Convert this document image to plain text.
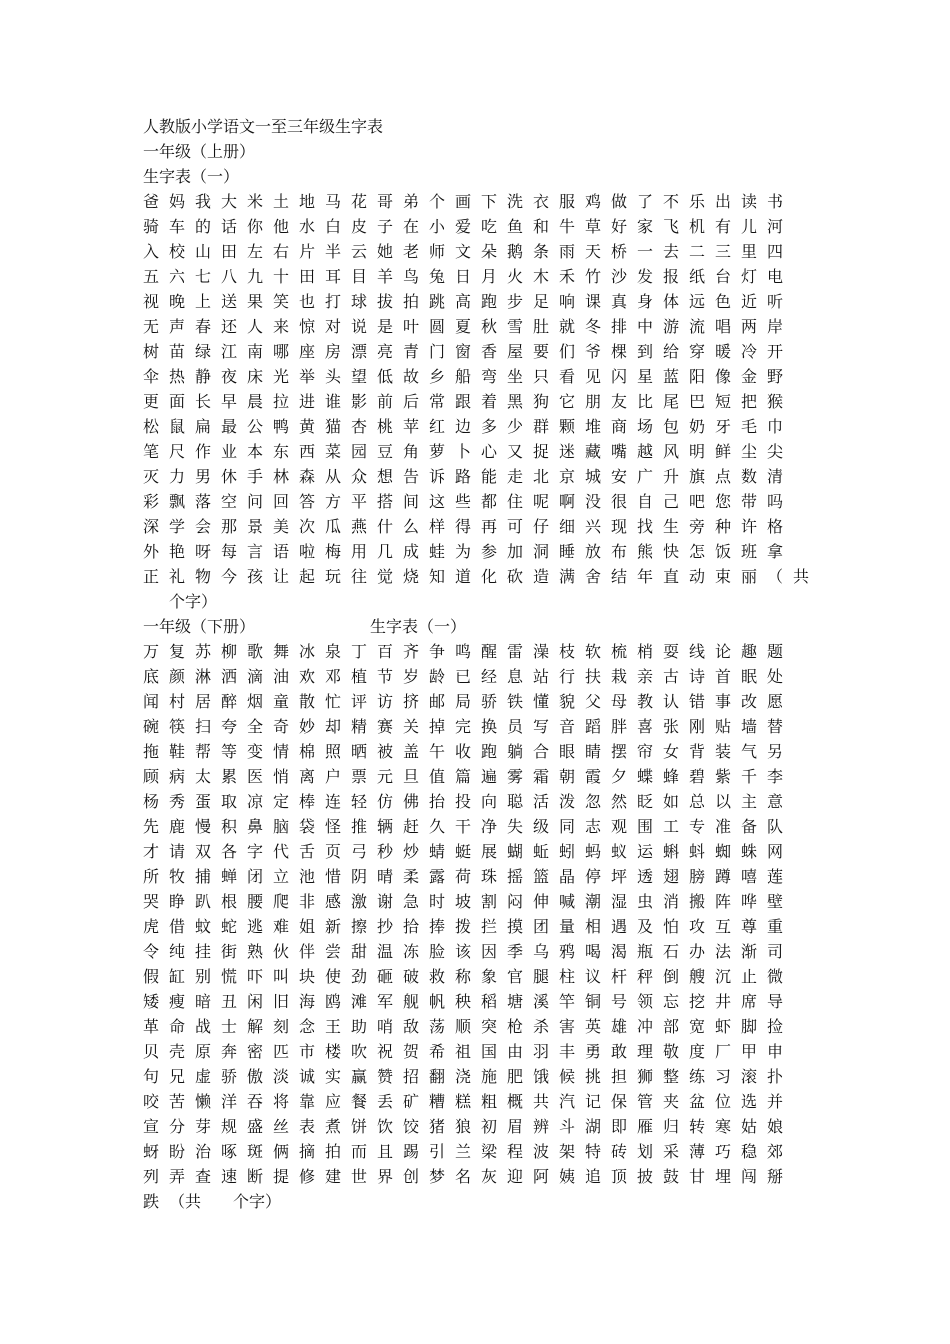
人教版小学语文一至三年级生字表
一年级（上册）
生字表（一）
爸 妈 我 大 米 土 地 马 花 哥 弟 个 画 下 洗 衣 服 鸡 做 了 不 乐 出 读 书
骑 车 的 话 你 他 水 白 皮 子 在 小 爱 吃 鱼 和 牛 草 好 家 飞 机 有 儿 河
入 校 山 田 左 右 片 半 云 她 老 师 文 朵 鹅 条 雨 天 桥 一 去 二 三 里 四
五 六 七 八 九 十 田 耳 目 羊 鸟 兔 日 月 火 木 禾 竹 沙 发 报 纸 台 灯 电
视 晚 上 送 果 笑 也 打 球 拔 拍 跳 高 跑 步 足 响 课 真 身 体 远 色 近 听
无 声 春 还 人 来 惊 对 说 是 叶 圆 夏 秋 雪 肚 就 冬 排 中 游 流 唱 两 岸
树 苗 绿 江 南 哪 座 房 漂 亮 青 门 窗 香 屋 要 们 爷 棵 到 给 穿 暖 冷 开
伞 热 静 夜 床 光 举 头 望 低 故 乡 船 弯 坐 只 看 见 闪 星 蓝 阳 像 金 野
更 面 长 早 晨 拉 进 谁 影 前 后 常 跟 着 黑 狗 它 朋 友 比 尾 巴 短 把 猴
松 鼠 扁 最 公 鸭 黄 猫 杏 桃 苹 红 边 多 少 群 颗 堆 商 场 包 奶 牙 毛 巾
笔 尺 作 业 本 东 西 菜 园 豆 角 萝 卜 心 又 捉 迷 藏 嘴 越 风 明 鲜 尘 尖
灭 力 男 休 手 林 森 从 众 想 告 诉 路 能 走 北 京 城 安 广 升 旗 点 数 清
彩 飘 落 空 问 回 答 方 平 搭 间 这 些 都 住 呢 啊 没 很 自 己 吧 您 带 吗
深 学 会 那 景 美 次 瓜 燕 什 么 样 得 再 可 仔 细 兴 现 找 生 旁 种 许 格
外 艳 呀 每 言 语 啦 梅 用 几 成 蛙 为 参 加 洞 睡 放 布 熊 快 怎 饭 班 拿
正 礼 物 今 孩 让 起 玩 往 觉 烧 知 道 化 砍 造 满 舍 结 年 直 动 束 丽 （ 共
个字）
一年级（下册）	生字表（一）
万 复 苏 柳 歌 舞 冰 泉 丁 百 齐 争 鸣 醒 雷 澡 枝 软 梳 梢 耍 线 论 趣 题
底 颜 淋 洒 滴 油 欢 邓 植 节 岁 龄 已 经 息 站 行 扶 栽 亲 古 诗 首 眠 处
闻 村 居 醉 烟 童 散 忙 评 访 挤 邮 局 骄 铁 懂 貌 父 母 教 认 错 事 改 愿
碗 筷 扫 夸 全 奇 妙 却 精 赛 关 掉 完 换 员 写 音 蹈 胖 喜 张 刚 贴 墙 替
拖 鞋 帮 等 变 情 棉 照 晒 被 盖 午 收 跑 躺 合 眼 睛 摆 帘 女 背 装 气 另
顾 病 太 累 医 悄 离 户 票 元 旦 值 篇 遍 雾 霜 朝 霞 夕 蝶 蜂 碧 紫 千 李
杨 秀 蛋 取 凉 定 棒 连 轻 仿 佛 抬 投 向 聪 活 泼 忽 然 眨 如 总 以 主 意
先 鹿 慢 积 鼻 脑 袋 怪 推 辆 赶 久 干 净 失 级 同 志 观 围 工 专 准 备 队
才 请 双 各 字 代 舌 页 弓 秒 炒 蜻 蜓 展 蝴 蚯 蚓 蚂 蚁 运 蝌 蚪 蜘 蛛 网
所 牧 捕 蝉 闭 立 池 惜 阴 晴 柔 露 荷 珠 摇 篮 晶 停 坪 透 翅 膀 蹲 嘻 莲
哭 睁 趴 根 腰 爬 非 感 激 谢 急 时 坡 割 闷 伸 喊 潮 湿 虫 消 搬 阵 哗 壁
虎 借 蚊 蛇 逃 难 姐 新 擦 抄 拾 捧 拨 拦 摸 团 量 相 遇 及 怕 攻 互 尊 重
令 纯 挂 街 熟 伙 伴 尝 甜 温 冻 脸 该 因 季 乌 鸦 喝 渴 瓶 石 办 法 渐 司
假 缸 别 慌 吓 叫 块 使 劲 砸 破 救 称 象 官 腿 柱 议 杆 秤 倒 艘 沉 止 微
矮 瘦 暗 丑 闲 旧 海 鸥 滩 军 舰 帆 秧 稻 塘 溪 竿 铜 号 领 忘 挖 井 席 导
革 命 战 士 解 刻 念 王 助 哨 敌 荡 顺 突 枪 杀 害 英 雄 冲 部 宽 虾 脚 捡
贝 壳 原 奔 密 匹 市 楼 吹 祝 贺 希 祖 国 由 羽 丰 勇 敢 理 敬 度 厂 甲 申
句 兄 虚 骄 傲 淡 诚 实 赢 赞 招 翻 浇 施 肥 饿 候 挑 担 狮 整 练 习 滚 扑
咬 苦 懒 洋 吞 将 靠 应 餐 丢 矿 糟 糕 粗 概 共 汽 记 保 管 夹 盆 位 选 并
宣 分 芽 规 盛 丝 表 煮 饼 饮 饺 猪 狼 初 眉 辨 斗 湖 即 雁 归 转 寒 姑 娘
蚜 盼 治 啄 斑 俩 摘 拍 而 且 踢 引 兰 梁 程 波 架 特 砖 划 采 薄 巧 稳 郊
列 弄 查 速 断 提 修 建 世 界 创 梦 名 灰 迎 阿 姨 追 顶 披 鼓 甘 埋 闯 掰
跌 （共　　个字）
